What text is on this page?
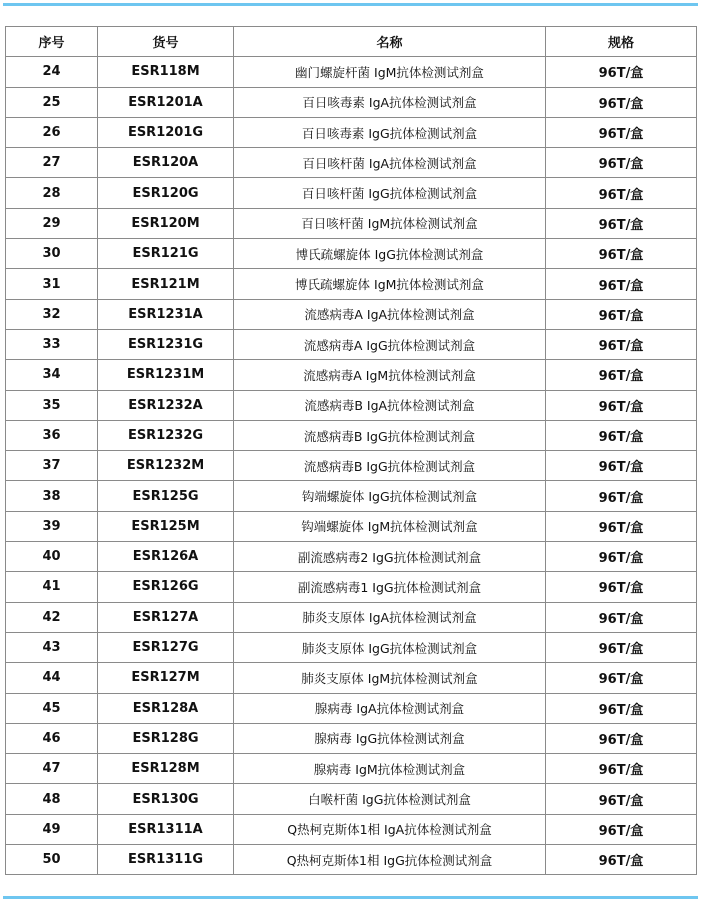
序号	货号	名称	规格
24	ESR118M	幽门螺旋杆菌 IgM抗体检测试剂盒	96T/盒
25	ESR1201A	百日咳毒素 IgA抗体检测试剂盒	96T/盒
26	ESR1201G	百日咳毒素 IgG抗体检测试剂盒	96T/盒
27	ESR120A	百日咳杆菌 IgA抗体检测试剂盒	96T/盒
28	ESR120G	百日咳杆菌 IgG抗体检测试剂盒	96T/盒
29	ESR120M	百日咳杆菌 IgM抗体检测试剂盒	96T/盒
30	ESR121G	博氏疏螺旋体 IgG抗体检测试剂盒	96T/盒
31	ESR121M	博氏疏螺旋体 IgM抗体检测试剂盒	96T/盒
32	ESR1231A	流感病毒A IgA抗体检测试剂盒	96T/盒
33	ESR1231G	流感病毒A IgG抗体检测试剂盒	96T/盒
34	ESR1231M	流感病毒A IgM抗体检测试剂盒	96T/盒
35	ESR1232A	流感病毒B IgA抗体检测试剂盒	96T/盒
36	ESR1232G	流感病毒B IgG抗体检测试剂盒	96T/盒
37	ESR1232M	流感病毒B IgG抗体检测试剂盒	96T/盒
38	ESR125G	钩端螺旋体 IgG抗体检测试剂盒	96T/盒
39	ESR125M	钩端螺旋体 IgM抗体检测试剂盒	96T/盒
40	ESR126A	副流感病毒2 IgG抗体检测试剂盒	96T/盒
41	ESR126G	副流感病毒1 IgG抗体检测试剂盒	96T/盒
42	ESR127A	肺炎支原体 IgA抗体检测试剂盒	96T/盒
43	ESR127G	肺炎支原体 IgG抗体检测试剂盒	96T/盒
44	ESR127M	肺炎支原体 IgM抗体检测试剂盒	96T/盒
45	ESR128A	腺病毒 IgA抗体检测试剂盒	96T/盒
46	ESR128G	腺病毒 IgG抗体检测试剂盒	96T/盒
47	ESR128M	腺病毒 IgM抗体检测试剂盒	96T/盒
48	ESR130G	白喉杆菌 IgG抗体检测试剂盒	96T/盒
49	ESR1311A	Q热柯克斯体1相 IgA抗体检测试剂盒	96T/盒
50	ESR1311G	Q热柯克斯体1相 IgG抗体检测试剂盒	96T/盒
